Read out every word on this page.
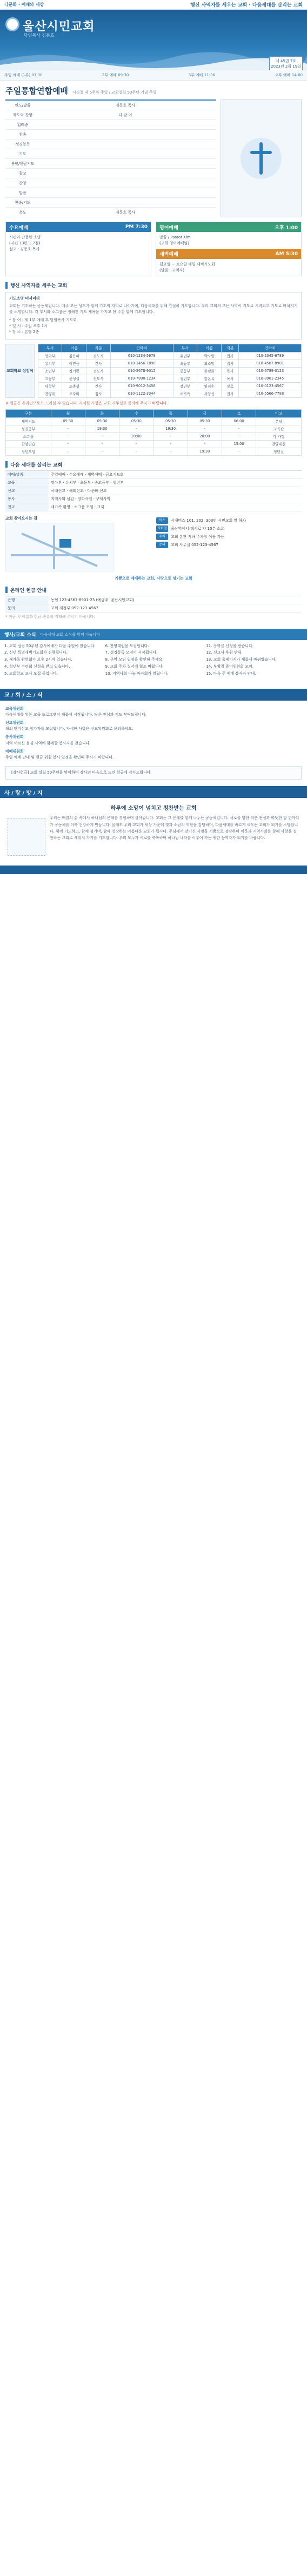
다문화 · 예배와 세상	행신 사역자를 세우는 교회 · 다음세대를 살리는 교회
울산시민교회
담임목사 김동호
제 45권 7호
2023년 2월 19일
주일 예배 (1부) 07:30	2부 예배 09:30	3부 예배 11:30	오후 예배 14:00
주일통합연합예배 사순절 제 5주차 주일 / 교회설립 50주년 기념 주일
인도/말씀	김동호 목사
묵도와 찬양	다 같 이
입례송
찬송
성경봉독
기도
봉헌/헌금기도
광고
찬양
말씀
찬송/기도
축도	김동호 목사
수요예배	PM 7:30
시편과 간증한 소망
(시편 13편 1-7절)
설교 : 김동호 목사
영어예배	오후 1:00
말씀 / Pastor Kim
(교회 영어예배팀)
새벽예배	AM 5:30
월요일 ~ 토요일 매일 새벽기도회
(말씀 : 교역자)
행신 사역자를 세우는 교회
기도소명 미셔너리
교회는 기도하는 공동체입니다. 매주 모든 성도가 함께 기도의 자리로 나아가며, 다음세대를 위해 간절히 기도합니다. 우리 교회의 모든 사역이 기도로 시작되고 기도로 마쳐지기를 소망합니다. 각 부서와 소그룹은 정해진 기도 제목을 가지고 한 주간 함께 기도합니다.
* 참 여 : 제 1부 예배 후 담임목사 기도회
* 일 시 : 주일 오후 1시
* 장 소 : 본당 2층
교회학교 섬김이
부서	이름	직분	연락처	부서	이름	직분	연락처
영아부	김은혜	전도사	010-1234-5678	유년부	박사랑	집사	010-2345-6789
유치부	이믿음	간사	010-3456-7890	초등부	최소망	집사	010-4567-8901
소년부	정기쁨	전도사	010-5678-9012	중등부	한평화	목사	010-6789-0123
고등부	윤성실	전도사	010-7890-1234	청년부	강온유	목사	010-8901-2345
대학부	조충성	간사	010-9012-3456	장년부	임겸손	장로	010-0123-4567
찬양대	오자비	집사	010-1122-3344	새가족	서양선	권사	010-5566-7788
※ 헌금은 온라인으로도 드리실 수 있습니다. 자세한 사항은 교회 사무실로 문의해 주시기 바랍니다.
구분	월	화	수	목	금	토	비고
새벽기도	05:30	05:30	05:30	05:30	05:30	06:00	본당
성경공부	-	19:30	-	19:30	-	-	교육관
소그룹	-	-	20:00	-	20:00	-	각 가정
찬양연습	-	-	-	-	-	15:00	찬양대실
청년모임	-	-	-	-	19:30	-	청년실
다음 세대를 살리는 교회
예배/말씀	주일예배 · 수요예배 · 새벽예배 · 금요기도회
교육	영아부 · 유치부 · 초등부 · 중고등부 · 청년부
선교	국내선교 · 해외선교 · 다문화 선교
봉사	지역사회 섬김 · 장학사업 · 구제사역
친교	새가족 환영 · 소그룹 모임 · 교제
교회 찾아오시는 길	버스	시내버스 101, 202, 303번 시민교회 앞 하차
지하철	울산역에서 택시로 약 10분 소요
주차	교회 본관 지하 주차장 이용 가능
문의	교회 사무실 052-123-4567
기쁨으로 예배하는 교회, 사랑으로 섬기는 교회
온라인 헌금 안내
은행	농협 123-4567-8901-23 (예금주: 울산시민교회)
문의	교회 재정부 052-123-4567
* 헌금 시 이름과 헌금 종류를 기재해 주시기 바랍니다.
행사/교회 소식 다음세대 교회 소식을 함께 나눕니다

1. 교회 설립 50주년 감사예배가 다음 주일에 있습니다.

2. 신년 특별새벽기도회가 진행됩니다.

3. 새가족 환영회가 오후 2시에 있습니다.

4. 청년부 수련회 신청을 받고 있습니다.

5. 교회학교 교사 모집 중입니다.

6. 찬양대원을 모집합니다.

7. 성경통독 모임이 시작됩니다.

8. 구역 모임 일정을 확인해 주세요.

9. 교회 주차 질서에 협조 바랍니다.

10. 지역사회 나눔 바자회가 열립니다.

11. 장학금 신청을 받습니다.

12. 선교사 후원 안내.

13. 교회 홈페이지가 새롭게 바뀌었습니다.

14. 부활절 준비위원회 모임.

15. 다음 주 예배 봉사자 안내.

교 / 회 / 소 / 식
교육위원회
다음세대를 위한 교육 프로그램이 새롭게 시작됩니다. 많은 관심과 기도 부탁드립니다.
선교위원회
해외 단기선교 참가자를 모집합니다. 자세한 사항은 선교위원회로 문의하세요.
봉사위원회
지역 어르신 섬김 사역에 함께할 봉사자를 찾습니다.
예배위원회
주일 예배 안내 및 헌금 위원 봉사 일정을 확인해 주시기 바랍니다.
[감사헌금] 교회 설립 50주년을 맞이하여 감사의 마음으로 드린 헌금에 감사드립니다.
사 / 랑 / 방 / 지
하루에 소망이 넘치고 칭찬받는 교회
우리는 매일의 삶 속에서 하나님의 은혜를 경험하며 살아갑니다. 교회는 그 은혜를 함께 나누는 공동체입니다. 서로를 향한 작은 관심과 따뜻한 말 한마디가 공동체를 더욱 건강하게 만듭니다. 올해도 우리 교회가 세상 가운데 빛과 소금의 역할을 감당하며, 다음세대를 바르게 세우는 교회가 되기를 소망합니다. 함께 기도하고, 함께 섬기며, 함께 성장하는 아름다운 교회가 됩시다. 주님께서 맡기신 사명을 기쁨으로 감당하며 이웃과 지역사회를 향해 사랑을 실천하는 교회로 세워져 가기를 기도합니다. 우리 모두가 서로를 축복하며 하나님 나라를 이루어 가는 귀한 동역자가 되기를 바랍니다.
